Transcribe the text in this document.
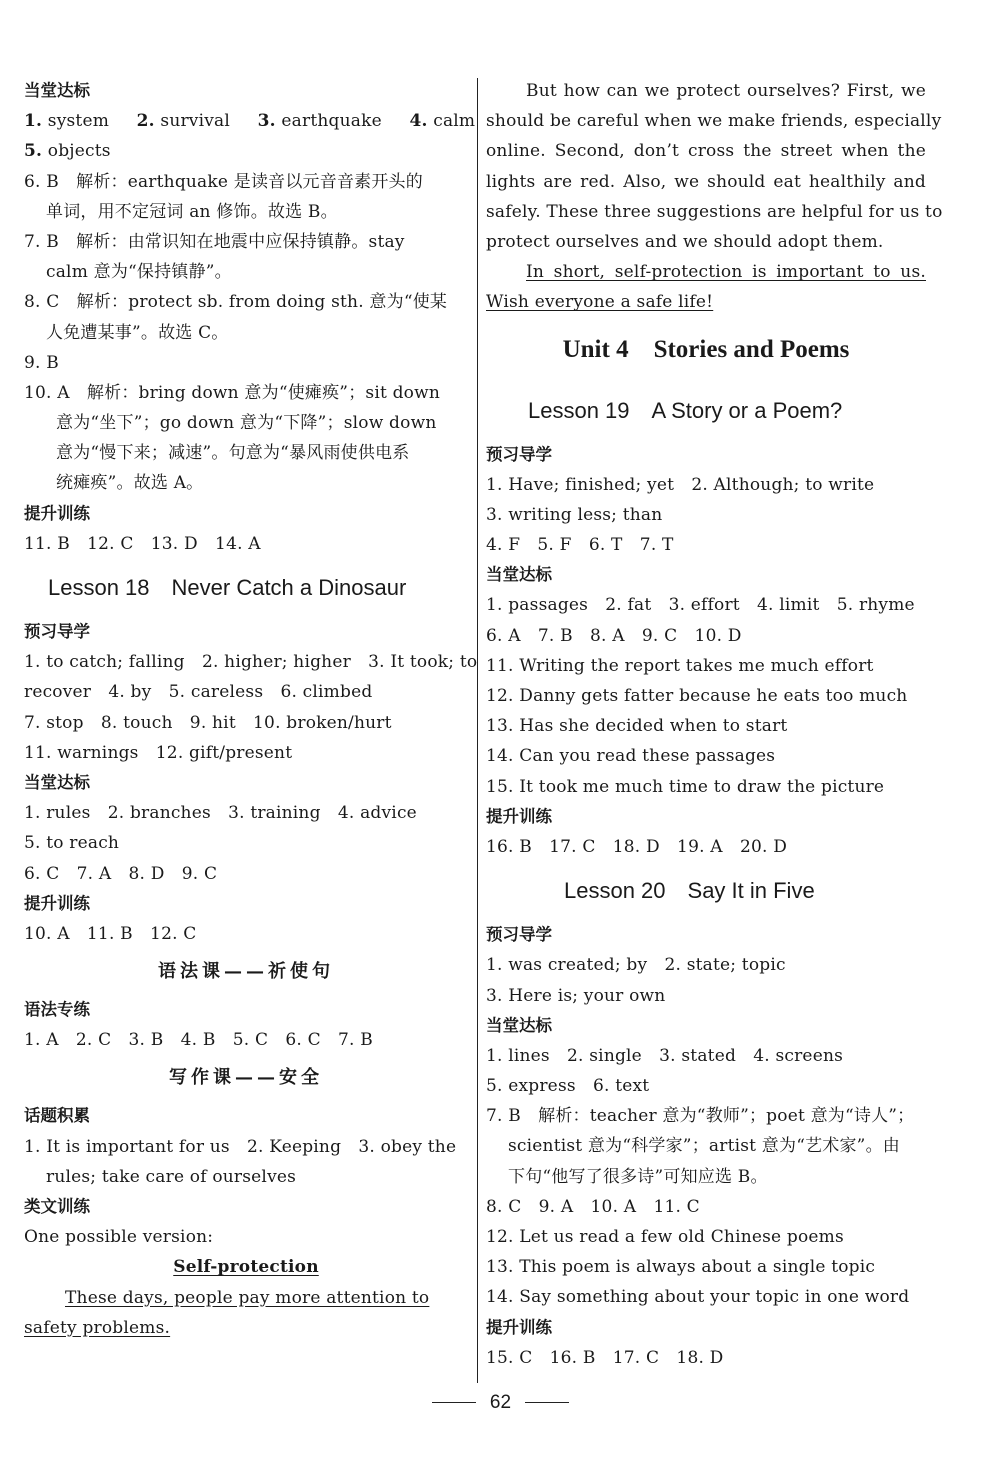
当堂达标
1. system 2. survival 3. earthquake 4. calm
5. objects
6. B　解析：earthquake 是读音以元音音素开头的
单词，用不定冠词 an 修饰。故选 B。
7. B　解析：由常识知在地震中应保持镇静。stay
calm 意为“保持镇静”。
8. C　解析：protect sb. from doing sth. 意为“使某
人免遭某事”。故选 C。
9. B
10. A　解析：bring down 意为“使瘫痪”；sit down
意为“坐下”；go down 意为“下降”；slow down
意为“慢下来；减速”。句意为“暴风雨使供电系
统瘫痪”。故选 A。
提升训练
11. B　12. C　13. D　14. A
Lesson 18　Never Catch a Dinosaur
预习导学
1. to catch; falling　2. higher; higher　3. It took; to
recover　4. by　5. careless　6. climbed
7. stop　8. touch　9. hit　10. broken/hurt
11. warnings　12. gift/present
当堂达标
1. rules　2. branches　3. training　4. advice
5. to reach
6. C　7. A　8. D　9. C
提升训练
10. A　11. B　12. C
语法课——祈使句
语法专练
1. A　2. C　3. B　4. B　5. C　6. C　7. B
写作课——安全
话题积累
1. It is important for us　2. Keeping　3. obey the
rules; take care of ourselves
类文训练
One possible version:
Self-protection
These days, people pay more attention to
safety problems.
But how can we protect ourselves? First, we
should be careful when we make friends, especially
online. Second, don’t cross the street when the
lights are red. Also, we should eat healthily and
safely. These three suggestions are helpful for us to
protect ourselves and we should adopt them.
In short, self-protection is important to us.
Wish everyone a safe life!
Unit 4　Stories and Poems
Lesson 19　A Story or a Poem?
预习导学
1. Have; finished; yet　2. Although; to write
3. writing less; than
4. F　5. F　6. T　7. T
当堂达标
1. passages　2. fat　3. effort　4. limit　5. rhyme
6. A　7. B　8. A　9. C　10. D
11. Writing the report takes me much effort
12. Danny gets fatter because he eats too much
13. Has she decided when to start
14. Can you read these passages
15. It took me much time to draw the picture
提升训练
16. B　17. C　18. D　19. A　20. D
Lesson 20　Say It in Five
预习导学
1. was created; by　2. state; topic
3. Here is; your own
当堂达标
1. lines　2. single　3. stated　4. screens
5. express　6. text
7. B　解析：teacher 意为“教师”；poet 意为“诗人”；
scientist 意为“科学家”；artist 意为“艺术家”。由
下句“他写了很多诗”可知应选 B。
8. C　9. A　10. A　11. C
12. Let us read a few old Chinese poems
13. This poem is always about a single topic
14. Say something about your topic in one word
提升训练
15. C　16. B　17. C　18. D
62
